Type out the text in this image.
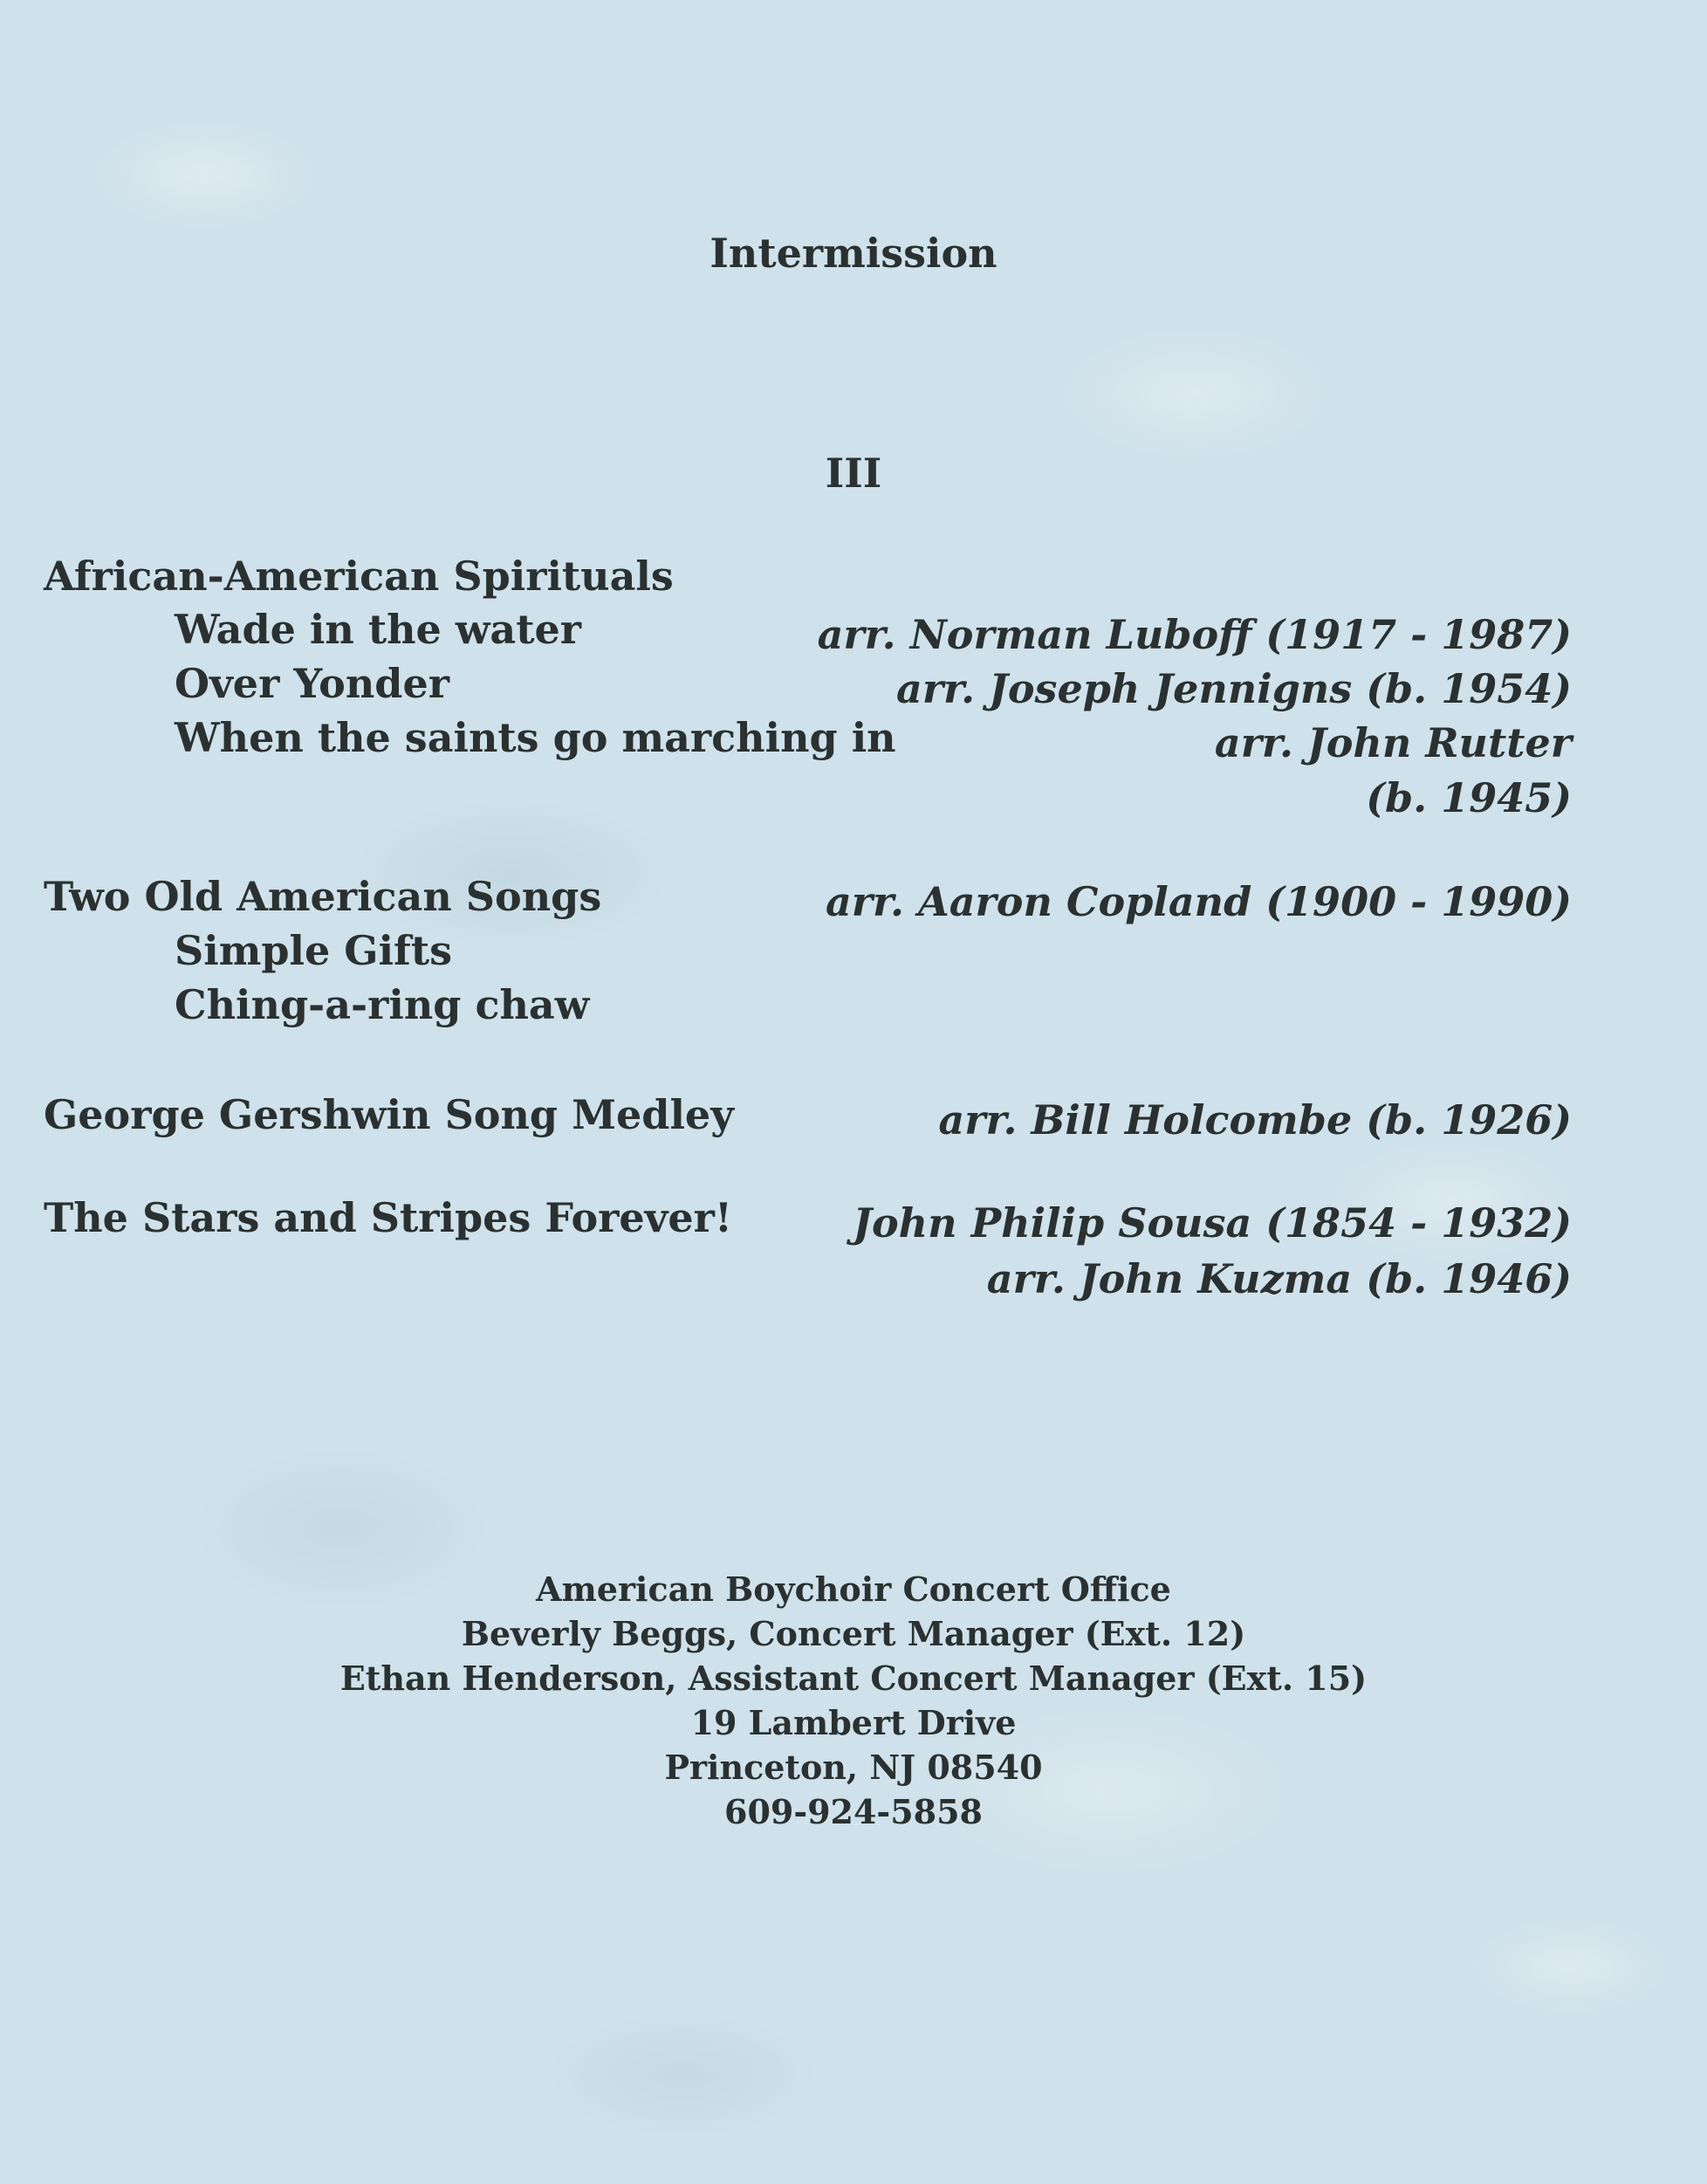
Intermission
III
African-American Spirituals
Wade in the water	arr. Norman Luboff (1917 - 1987)
Over Yonder	arr. Joseph Jennigns (b. 1954)
When the saints go marching in	arr. John Rutter
(b. 1945)
Two Old American Songs	arr. Aaron Copland (1900 - 1990)
Simple Gifts
Ching-a-ring chaw
George Gershwin Song Medley	arr. Bill Holcombe (b. 1926)
The Stars and Stripes Forever!	John Philip Sousa (1854 - 1932)
arr. John Kuzma (b. 1946)
American Boychoir Concert Office
Beverly Beggs, Concert Manager (Ext. 12)
Ethan Henderson, Assistant Concert Manager (Ext. 15)
19 Lambert Drive
Princeton, NJ 08540
609-924-5858
